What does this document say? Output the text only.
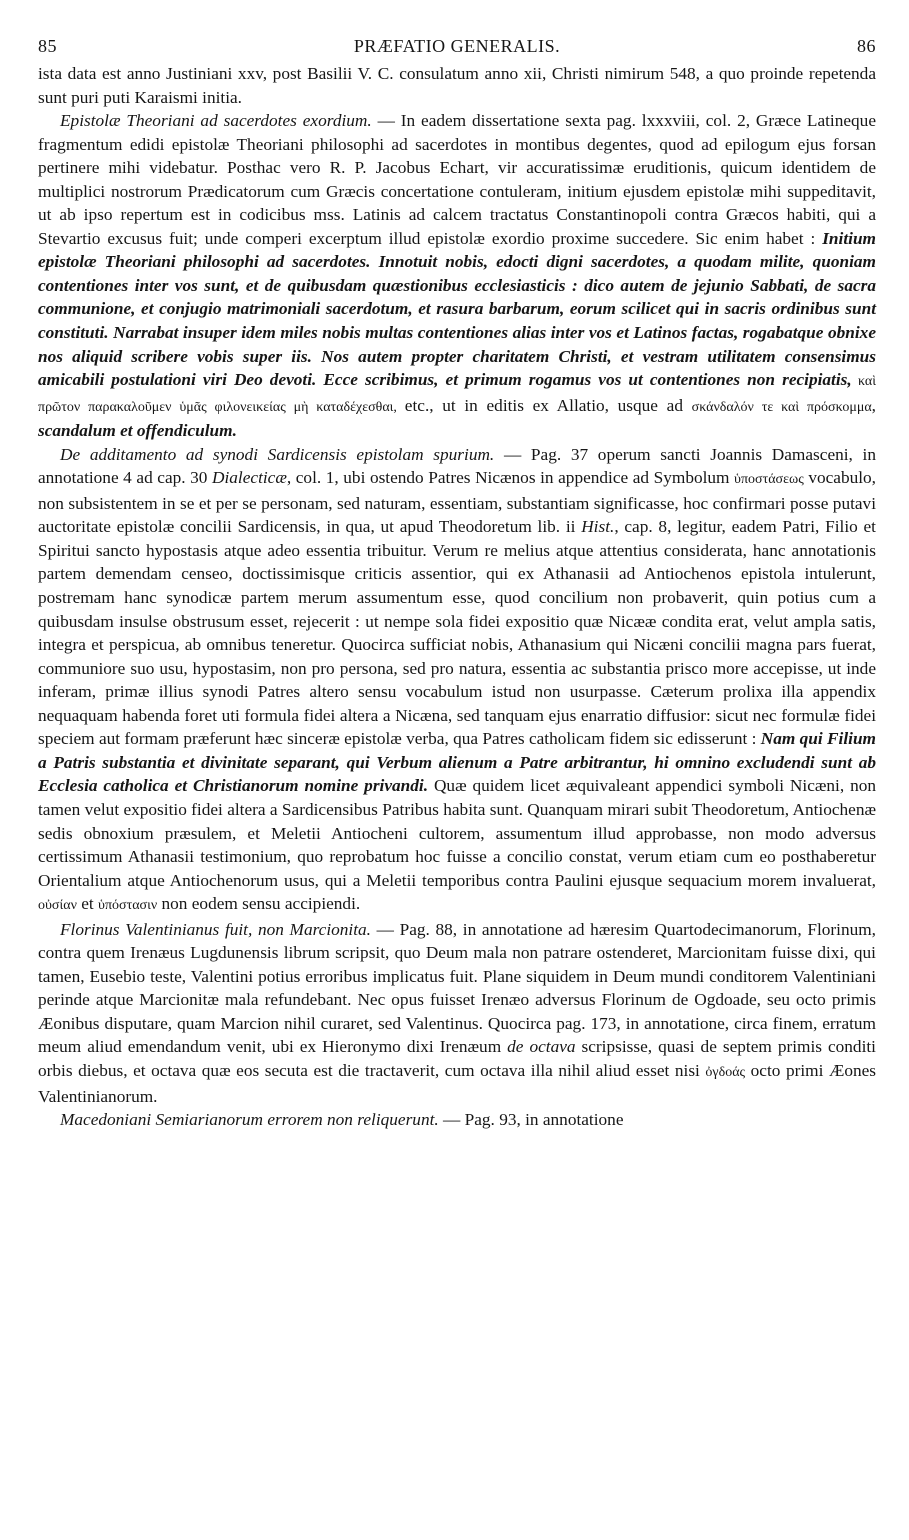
85	PRÆFATIO GENERALIS.	86

ista data est anno Justiniani xxv, post Basilii V. C. consulatum anno xii, Christi nimirum 548, a quo proinde repetenda sunt puri puti Karaismi initia.

Epistolæ Theoriani ad sacerdotes exordium. — In eadem dissertatione sexta pag. lxxxviii, col. 2, Græce Latineque fragmentum edidi epistolæ Theoriani philosophi ad sacerdotes in montibus degentes, quod ad epilogum ejus forsan pertinere mihi videbatur. Posthac vero R. P. Jacobus Echart, vir accuratissimæ eruditionis, quicum identidem de multiplici nostrorum Prædicatorum cum Græcis concertatione contuleram, initium ejusdem epistolæ mihi suppeditavit, ut ab ipso repertum est in codicibus mss. Latinis ad calcem tractatus Constantinopoli contra Græcos habiti, qui a Stevartio excusus fuit; unde comperi excerptum illud epistolæ exordio proxime succedere. Sic enim habet : Initium epistolæ Theoriani philosophi ad sacerdotes. Innotuit nobis, edocti digni sacerdotes, a quodam milite, quoniam contentiones inter vos sunt, et de quibusdam quæstionibus ecclesiasticis : dico autem de jejunio Sabbati, de sacra communione, et conjugio matrimoniali sacerdotum, et rasura barbarum, eorum scilicet qui in sacris ordinibus sunt constituti. Narrabat insuper idem miles nobis multas contentiones alias inter vos et Latinos factas, rogabatque obnixe nos aliquid scribere vobis super iis. Nos autem propter charitatem Christi, et vestram utilitatem consensimus amicabili postulationi viri Deo devoti. Ecce scribimus, et primum rogamus vos ut contentiones non recipiatis, καὶ πρῶτον παρακαλοῦμεν ὑμᾶς φιλονεικείας μὴ καταδέχεσθαι, etc., ut in editis ex Allatio, usque ad σκάνδαλόν τε καὶ πρόσκομμα, scandalum et offendiculum.

De additamento ad synodi Sardicensis epistolam spurium. — Pag. 37 operum sancti Joannis Damasceni, in annotatione 4 ad cap. 30 Dialecticæ, col. 1, ubi ostendo Patres Nicænos in appendice ad Symbolum ὑποστάσεως vocabulo, non subsistentem in se et per se personam, sed naturam, essentiam, substantiam significasse, hoc confirmari posse putavi auctoritate epistolæ concilii Sardicensis, in qua, ut apud Theodoretum lib. ii Hist., cap. 8, legitur, eadem Patri, Filio et Spiritui sancto hypostasis atque adeo essentia tribuitur. Verum re melius atque attentius considerata, hanc annotationis partem demendam censeo, doctissimisque criticis assentior, qui ex Athanasii ad Antiochenos epistola intulerunt, postremam hanc synodicæ partem merum assumentum esse, quod concilium non probaverit, quin potius cum a quibusdam insulse obstrusum esset, rejecerit : ut nempe sola fidei expositio quæ Nicææ condita erat, velut ampla satis, integra et perspicua, ab omnibus teneretur. Quocirca sufficiat nobis, Athanasium qui Nicæni concilii magna pars fuerat, communiore suo usu, hypostasim, non pro persona, sed pro natura, essentia ac substantia prisco more accepisse, ut inde inferam, primæ illius synodi Patres altero sensu vocabulum istud non usurpasse. Cæterum prolixa illa appendix nequaquam habenda foret uti formula fidei altera a Nicæna, sed tanquam ejus enarratio diffusior: sicut nec formulæ fidei speciem aut formam præferunt hæc sinceræ epistolæ verba, qua Patres catholicam fidem sic edisserunt : Nam qui Filium a Patris substantia et divinitate separant, qui Verbum alienum a Patre arbitrantur, hi omnino excludendi sunt ab Ecclesia catholica et Christianorum nomine privandi. Quæ quidem licet æquivaleant appendici symboli Nicæni, non tamen velut expositio fidei altera a Sardicensibus Patribus habita sunt. Quanquam mirari subit Theodoretum, Antiochenæ sedis obnoxium præsulem, et Meletii Antiocheni cultorem, assumentum illud approbasse, non modo adversus certissimum Athanasii testimonium, quo reprobatum hoc fuisse a concilio constat, verum etiam cum eo posthaberetur Orientalium atque Antiochenorum usus, qui a Meletii temporibus contra Paulini ejusque sequacium morem invaluerat, οὐσίαν et ὑπόστασιν non eodem sensu accipiendi.

Florinus Valentinianus fuit, non Marcionita. — Pag. 88, in annotatione ad hæresim Quartodecimanorum, Florinum, contra quem Irenæus Lugdunensis librum scripsit, quo Deum mala non patrare ostenderet, Marcionitam fuisse dixi, qui tamen, Eusebio teste, Valentini potius erroribus implicatus fuit. Plane siquidem in Deum mundi conditorem Valentiniani perinde atque Marcionitæ mala refundebant. Nec opus fuisset Irenæo adversus Florinum de Ogdoade, seu octo primis Æonibus disputare, quam Marcion nihil curaret, sed Valentinus. Quocirca pag. 173, in annotatione, circa finem, erratum meum aliud emendandum venit, ubi ex Hieronymo dixi Irenæum de octava scripsisse, quasi de septem primis conditi orbis diebus, et octava quæ eos secuta est die tractaverit, cum octava illa nihil aliud esset nisi ὀγδοάς octo primi Æones Valentinianorum.

Macedoniani Semiarianorum errorem non reliquerunt. — Pag. 93, in annotatione
